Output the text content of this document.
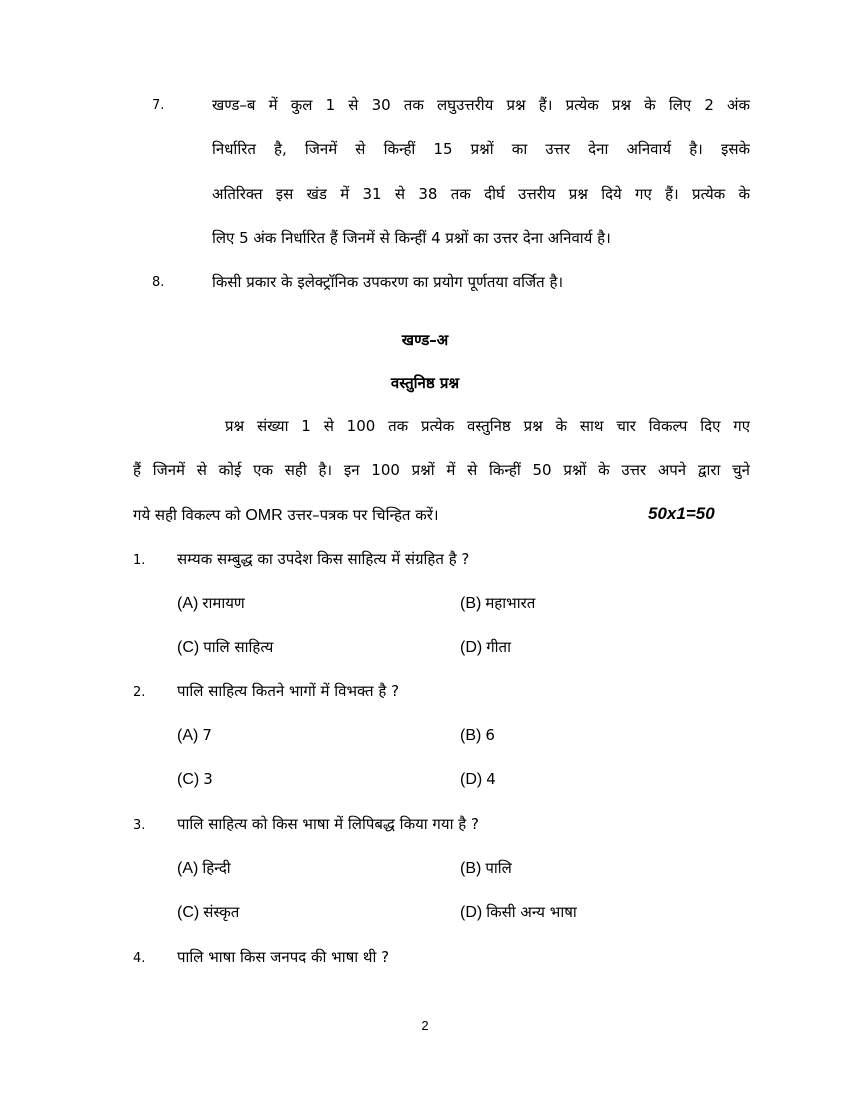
7.	खण्ड–ब में कुल 1 से 30 तक लघुउत्तरीय प्रश्न हैं। प्रत्येक प्रश्न के लिए 2 अंक
निर्धारित है, जिनमें से किन्हीं 15 प्रश्नों का उत्तर देना अनिवार्य है। इसके
अतिरिक्त इस खंड में 31 से 38 तक दीर्घ उत्तरीय प्रश्न दिये गए हैं। प्रत्येक के
लिए 5 अंक निर्धारित हैं जिनमें से किन्हीं 4 प्रश्नों का उत्तर देना अनिवार्य है।
8.	किसी प्रकार के इलेक्ट्रॉनिक उपकरण का प्रयोग पूर्णतया वर्जित है।
खण्ड–अ
वस्तुनिष्ठ प्रश्न
प्रश्न संख्या 1 से 100 तक प्रत्येक वस्तुनिष्ठ प्रश्न के साथ चार विकल्प दिए गए
हैं जिनमें से कोई एक सही है। इन 100 प्रश्नों में से किन्हीं 50 प्रश्नों के उत्तर अपने द्वारा चुने
गये सही विकल्प को OMR उत्तर–पत्रक पर चिन्हित करें।	50x1=50
1. सम्यक सम्बुद्ध का उपदेश किस साहित्य में संग्रहित है ?
(A) रामायण	(B) महाभारत
(C) पालि साहित्य	(D) गीता
2. पालि साहित्य कितने भागों में विभक्त है ?
(A) 7	(B) 6
(C) 3	(D) 4
3. पालि साहित्य को किस भाषा में लिपिबद्ध किया गया है ?
(A) हिन्दी	(B) पालि
(C) संस्कृत	(D) किसी अन्य भाषा
4. पालि भाषा किस जनपद की भाषा थी ?
2
